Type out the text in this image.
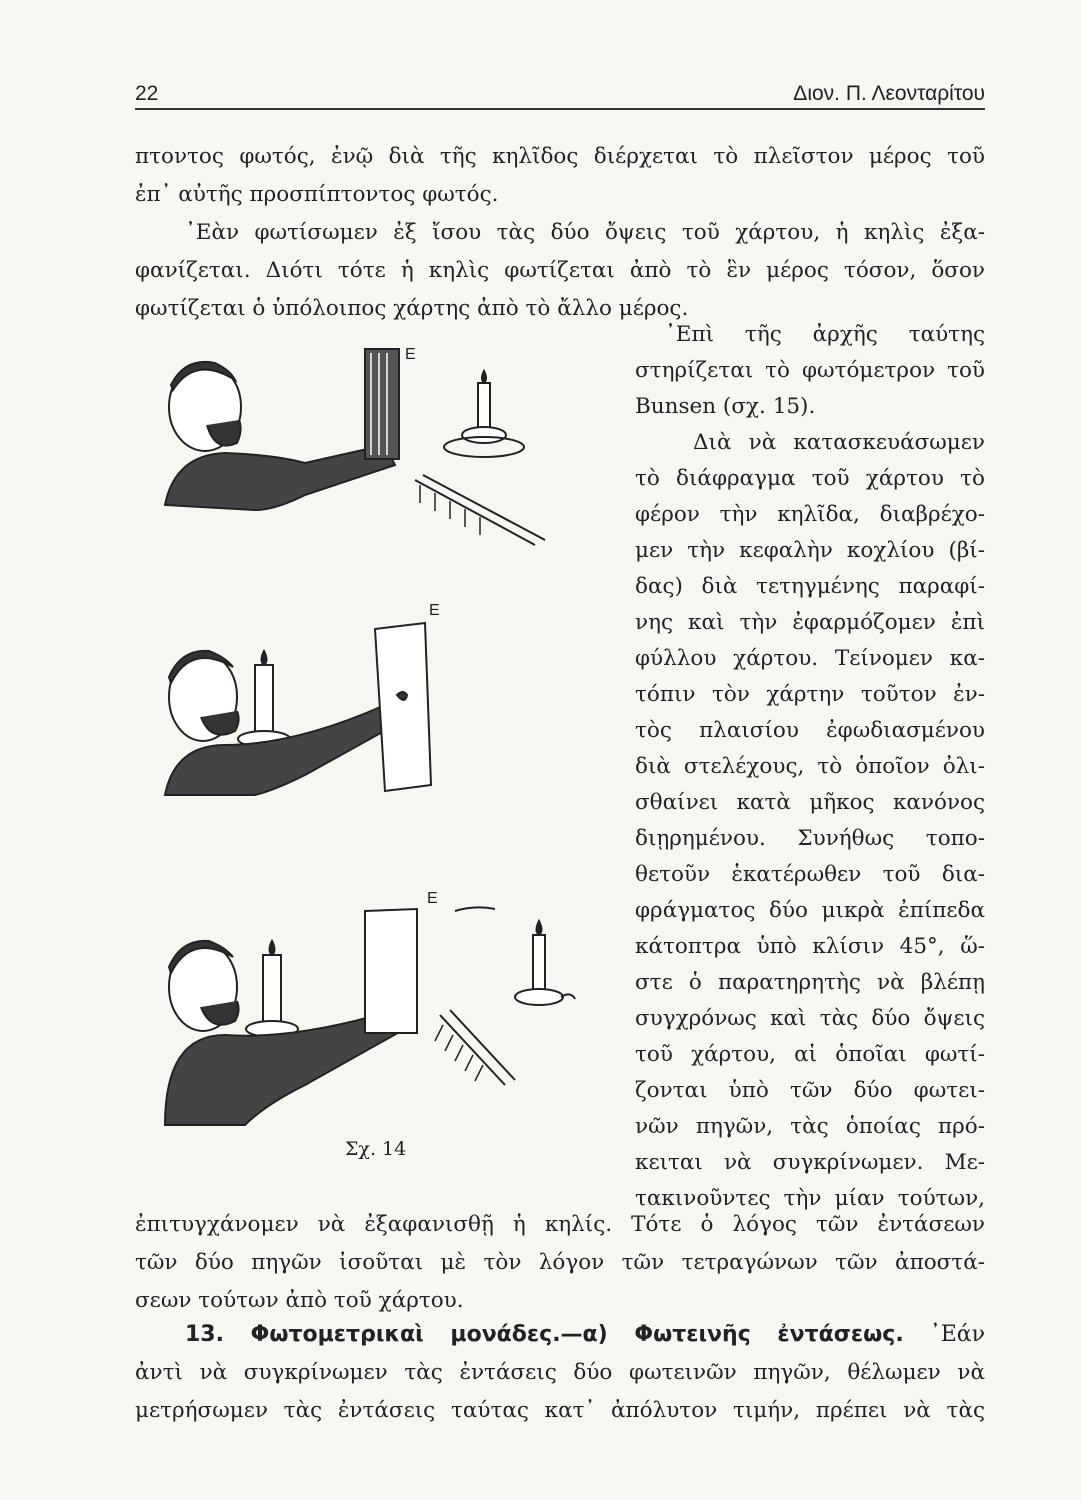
22	Διον. Π. Λεονταρίτου
πτοντος φωτός, ἐνῷ διὰ τῆς κηλῖδος διέρχεται τὸ πλεῖστον μέρος τοῦ
ἐπ᾽ αὐτῆς προσπίπτοντος φωτός.
᾽Εὰν φωτίσωμεν ἐξ ἴσου τὰς δύο ὄψεις τοῦ χάρτου, ἡ κηλὶς ἐξα-
φανίζεται. Διότι τότε ἡ κηλὶς φωτίζεται ἀπὸ τὸ ἓν μέρος τόσον, ὅσον
φωτίζεται ὁ ὑπόλοιπος χάρτης ἀπὸ τὸ ἄλλο μέρος.
᾽Επὶ τῆς ἀρχῆς ταύτης
στηρίζεται τὸ φωτόμετρον τοῦ
Bunsen (σχ. 15).
Διὰ νὰ κατασκευάσωμεν
τὸ διάφραγμα τοῦ χάρτου τὸ
φέρον τὴν κηλῖδα, διαβρέχο-
μεν τὴν κεφαλὴν κοχλίου (βί-
δας) διὰ τετηγμένης παραφί-
νης καὶ τὴν ἐφαρμόζομεν ἐπὶ
φύλλου χάρτου. Τείνομεν κα-
τόπιν τὸν χάρτην τοῦτον ἐν-
τὸς πλαισίου ἐφωδιασμένου
διὰ στελέχους, τὸ ὁποῖον ὀλι-
σθαίνει κατὰ μῆκος κανόνος
διῃρημένου. Συνήθως τοπο-
θετοῦν ἑκατέρωθεν τοῦ δια-
φράγματος δύο μικρὰ ἐπίπεδα
κάτοπτρα ὑπὸ κλίσιν 45°, ὥ-
στε ὁ παρατηρητὴς νὰ βλέπῃ
συγχρόνως καὶ τὰς δύο ὄψεις
τοῦ χάρτου, αἱ ὁποῖαι φωτί-
ζονται ὑπὸ τῶν δύο φωτει-
νῶν πηγῶν, τὰς ὁποίας πρό-
κειται νὰ συγκρίνωμεν. Με-
τακινοῦντες τὴν μίαν τούτων,
Ε
Ε
Ε
Σχ. 14
ἐπιτυγχάνομεν νὰ ἐξαφανισθῇ ἡ κηλίς. Τότε ὁ λόγος τῶν ἐντάσεων
τῶν δύο πηγῶν ἰσοῦται μὲ τὸν λόγον τῶν τετραγώνων τῶν ἀποστά-
σεων τούτων ἀπὸ τοῦ χάρτου.
13. Φωτομετρικαὶ μονάδες.—α) Φωτεινῆς ἐντάσεως. ᾽Εάν
ἀντὶ νὰ συγκρίνωμεν τὰς ἐντάσεις δύο φωτεινῶν πηγῶν, θέλωμεν νὰ
μετρήσωμεν τὰς ἐντάσεις ταύτας κατ᾽ ἀπόλυτον τιμήν, πρέπει νὰ τὰς
